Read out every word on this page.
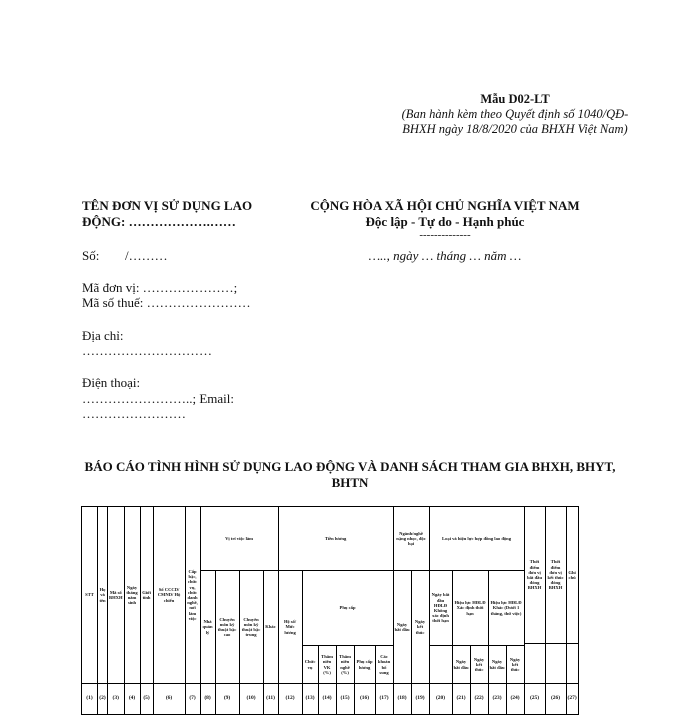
Mẫu D02-LT
(Ban hành kèm theo Quyết định số 1040/QĐ-BHXH ngày 18/8/2020 của BHXH Việt Nam)
TÊN ĐƠN VỊ SỬ DỤNG LAO ĐỘNG: ……………….……
CỘNG HÒA XÃ HỘI CHỦ NGHĨA VIỆT NAM
Độc lập - Tự do - Hạnh phúc
--------------
….., ngày … tháng … năm …
Số: /………
Mã đơn vị: …………………;
Mã số thuế: ……………………
Địa chỉ:
…………………………
Điện thoại:
……………………..; Email:
……………………
BÁO CÁO TÌNH HÌNH SỬ DỤNG LAO ĐỘNG VÀ DANH SÁCH THAM GIA BHXH, BHYT, BHTN
STT	Họ và tên	Mã số BHXH	Ngày tháng năm sinh	Giới tính	Số CCCD/ CMND/ Hộ chiếu	Cấp bậc, chức vụ, chức danh nghề, nơi làm việc	Vị trí việc làm				Tiền lương						Ngành/nghề nặng nhọc, độc hại		Loại và hiệu lực hợp đồng lao động					Thời điểm đơn vị bắt đầu đóng BHXH	Thời điểm đơn vị kết thúc đóng BHXH	Ghi chú
							Nhà quản lý	Chuyên môn kỹ thuật bậc cao	Chuyên môn kỹ thuật bậc trung	Khác	Hệ số/ Mức lương	Phụ cấp					Ngày bắt đầu	Ngày kết thúc	Ngày bắt đầu HĐLĐ Không xác định thời hạn	Hiệu lực HĐLĐ Xác định thời hạn		Hiệu lực HĐLĐ Khác (Dưới 1 tháng, thử việc)				

												Chức vụ	Thâm niên VK (%)	Thâm niên nghề (%)	Phụ cấp lương	Các khoản bổ sung				Ngày bắt đầu	Ngày kết thúc	Ngày bắt đầu	Ngày kết thúc			
(1)	(2)	(3)	(4)	(5)	(6)	(7)	(8)	(9)	(10)	(11)	(12)	(13)	(14)	(15)	(16)	(17)	(18)	(19)	(20)	(21)	(22)	(23)	(24)	(25)	(26)	(27)
